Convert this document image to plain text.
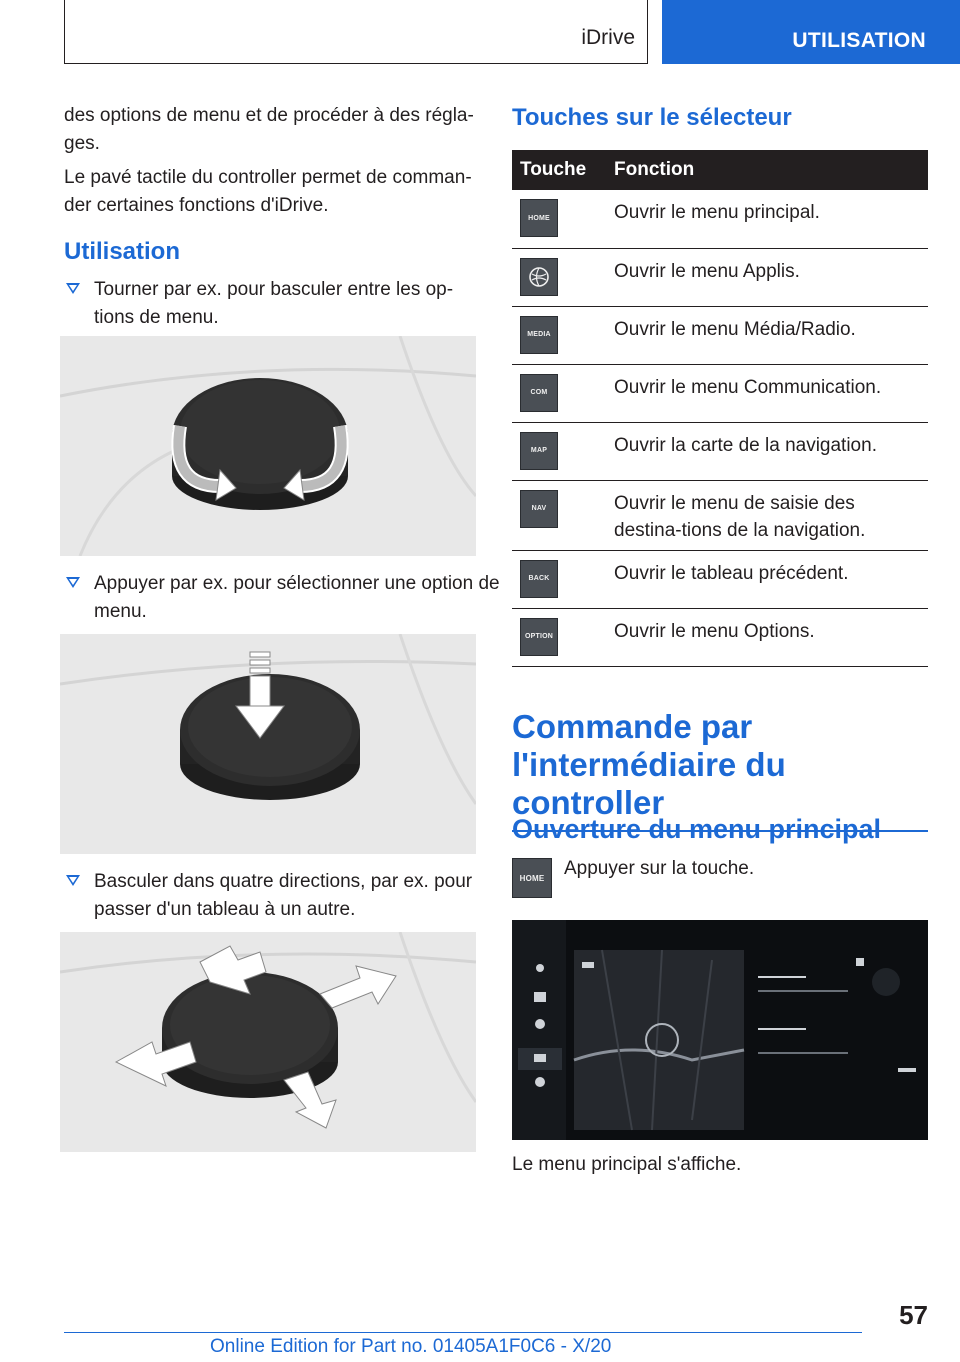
iDrive	UTILISATION

des options de menu et de procéder à des régla-ges.

Le pavé tactile du controller permet de comman-der certaines fonctions d'iDrive.

Utilisation
Tourner par ex. pour basculer entre les op-tions de menu.
Appuyer par ex. pour sélectionner une option de menu.
Basculer dans quatre directions, par ex. pour passer d'un tableau à un autre.
Touches sur le sélecteur
Touche	Fonction

HOME	Ouvrir le menu principal.

	Ouvrir le menu Applis.

MEDIA	Ouvrir le menu Média/Radio.

COM	Ouvrir le menu Communication.

MAP	Ouvrir la carte de la navigation.

NAV	Ouvrir le menu de saisie des destina-tions de la navigation.

BACK	Ouvrir le tableau précédent.

OPTION	Ouvrir le menu Options.
Commande par l'intermédiaire du controller
Ouverture du menu principal
HOME	Appuyer sur la touche.
Le menu principal s'affiche.
57
Online Edition for Part no. 01405A1F0C6 - X/20
